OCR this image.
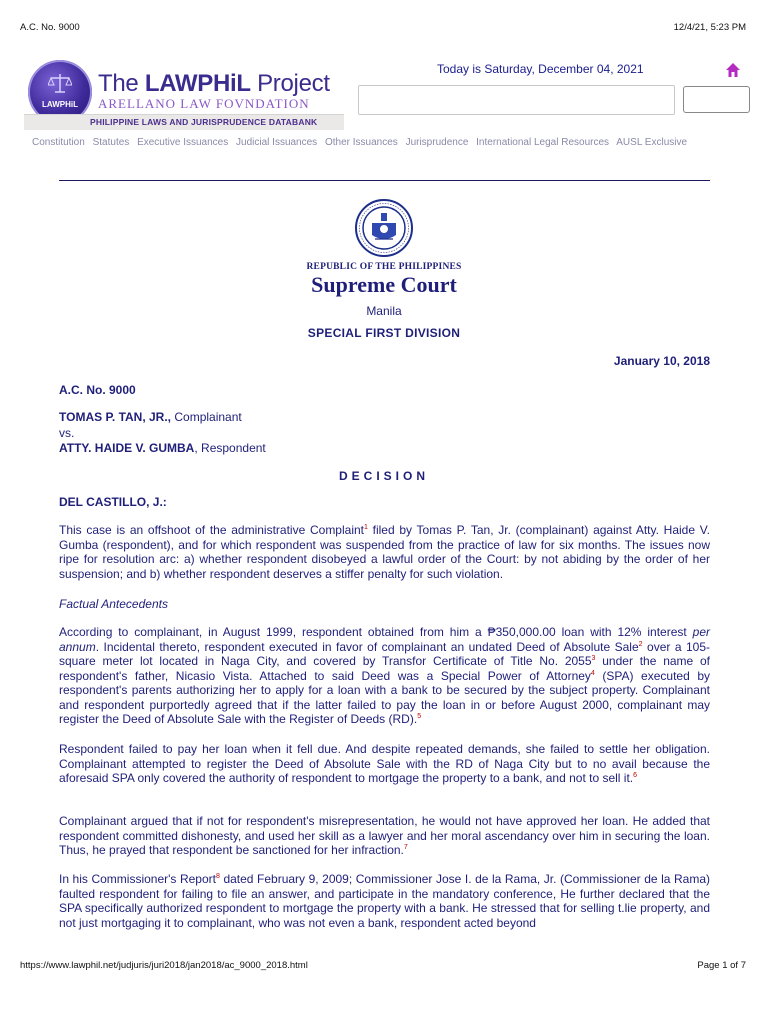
A.C. No. 9000	12/4/21, 5:23 PM
LAWPHiL
The LAWPHiL Project
ARELLANO LAW FOVNDATION
PHILIPPINE LAWS AND JURISPRUDENCE DATABANK
Today is Saturday, December 04, 2021
Constitution Statutes Executive Issuances Judicial Issuances Other Issuances Jurisprudence International Legal Resources AUSL Exclusive
REPUBLIC OF THE PHILIPPINES
Supreme Court
Manila
SPECIAL FIRST DIVISION
January 10, 2018
A.C. No. 9000
TOMAS P. TAN, JR., Complainant
vs.
ATTY. HAIDE V. GUMBA, Respondent
DECISION
DEL CASTILLO, J.:
This case is an offshoot of the administrative Complaint$^1$ filed by Tomas P. Tan, Jr. (complainant) against Atty. Haide V. Gumba (respondent), and for which respondent was suspended from the practice of law for six months. The issues now ripe for resolution arc: a) whether respondent disobeyed a lawful order of the Court: by not abiding by the order of her suspension; and b) whether respondent deserves a stiffer penalty for such violation.
Factual Antecedents
According to complainant, in August 1999, respondent obtained from him a ₱350,000.00 loan with 12% interest per annum. Incidental thereto, respondent executed in favor of complainant an undated Deed of Absolute Sale$^2$ over a 105- square meter lot located in Naga City, and covered by Transfor Certificate of Title No. 2055$^3$ under the name of respondent's father, Nicasio Vista. Attached to said Deed was a Special Power of Attorney$^4$ (SPA) executed by respondent's parents authorizing her to apply for a loan with a bank to be secured by the subject property. Complainant and respondent purportedly agreed that if the latter failed to pay the loan in or before August 2000, complainant may register the Deed of Absolute Sale with the Register of Deeds (RD).$^5$
Respondent failed to pay her loan when it fell due. And despite repeated demands, she failed to settle her obligation. Complainant attempted to register the Deed of Absolute Sale with the RD of Naga City but to no avail because the aforesaid SPA only covered the authority of respondent to mortgage the property to a bank, and not to sell it.$^6$
Complainant argued that if not for respondent's misrepresentation, he would not have approved her loan. He added that respondent committed dishonesty, and used her skill as a lawyer and her moral ascendancy over him in securing the loan. Thus, he prayed that respondent be sanctioned for her infraction.$^7$
In his Commissioner's Report$^8$ dated February 9, 2009; Commissioner Jose I. de la Rama, Jr. (Commissioner de la Rama) faulted respondent for failing to file an answer, and participate in the mandatory conference, He further declared that the SPA specifically authorized respondent to mortgage the property with a bank. He stressed that for selling t.lie property, and not just mortgaging it to complainant, who was not even a bank, respondent acted beyond
https://www.lawphil.net/judjuris/juri2018/jan2018/ac_9000_2018.html	Page 1 of 7
